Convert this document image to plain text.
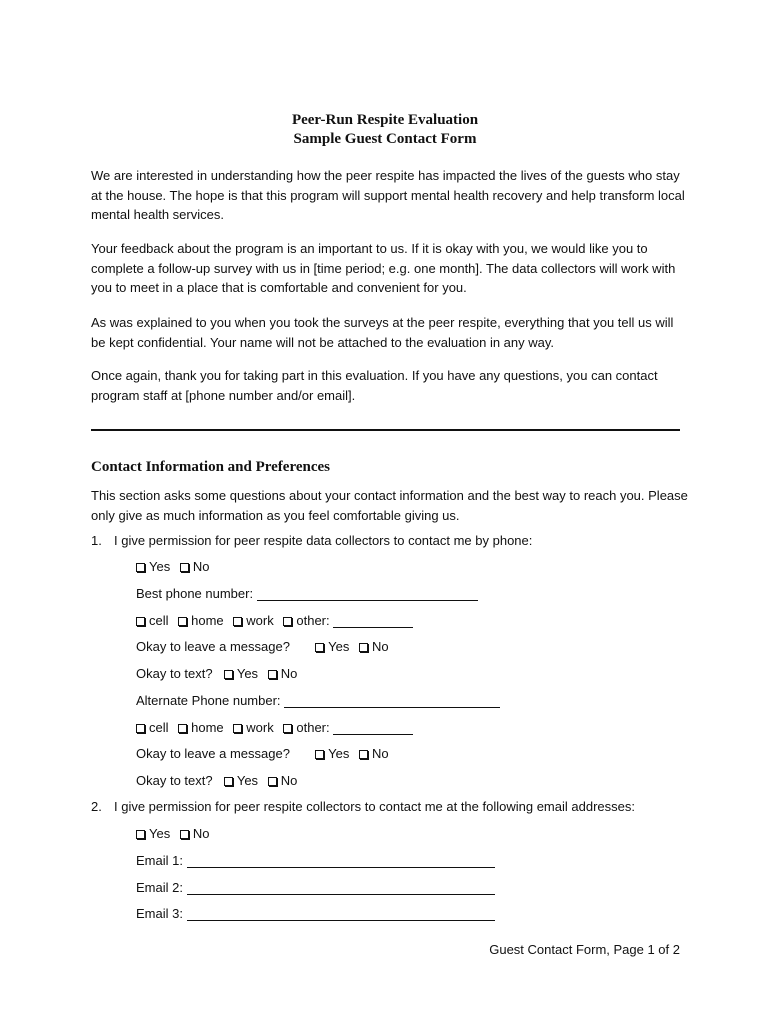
Peer-Run Respite Evaluation
Sample Guest Contact Form
We are interested in understanding how the peer respite has impacted the lives of the guests who stay at the house. The hope is that this program will support mental health recovery and help transform local mental health services.
Your feedback about the program is an important to us. If it is okay with you, we would like you to complete a follow-up survey with us in [time period; e.g. one month]. The data collectors will work with you to meet in a place that is comfortable and convenient for you.
As was explained to you when you took the surveys at the peer respite, everything that you tell us will be kept confidential. Your name will not be attached to the evaluation in any way.
Once again, thank you for taking part in this evaluation. If you have any questions, you can contact program staff at [phone number and/or email].
Contact Information and Preferences
This section asks some questions about your contact information and the best way to reach you. Please only give as much information as you feel comfortable giving us.
1. I give permission for peer respite data collectors to contact me by phone:
Yes No
Best phone number:
cell home work other:
Okay to leave a message?	Yes No
Okay to text? Yes No
Alternate Phone number:
cell home work other:
Okay to leave a message?	Yes No
Okay to text? Yes No
2. I give permission for peer respite collectors to contact me at the following email addresses:
Yes No
Email 1:
Email 2:
Email 3:
Guest Contact Form, Page 1 of 2
